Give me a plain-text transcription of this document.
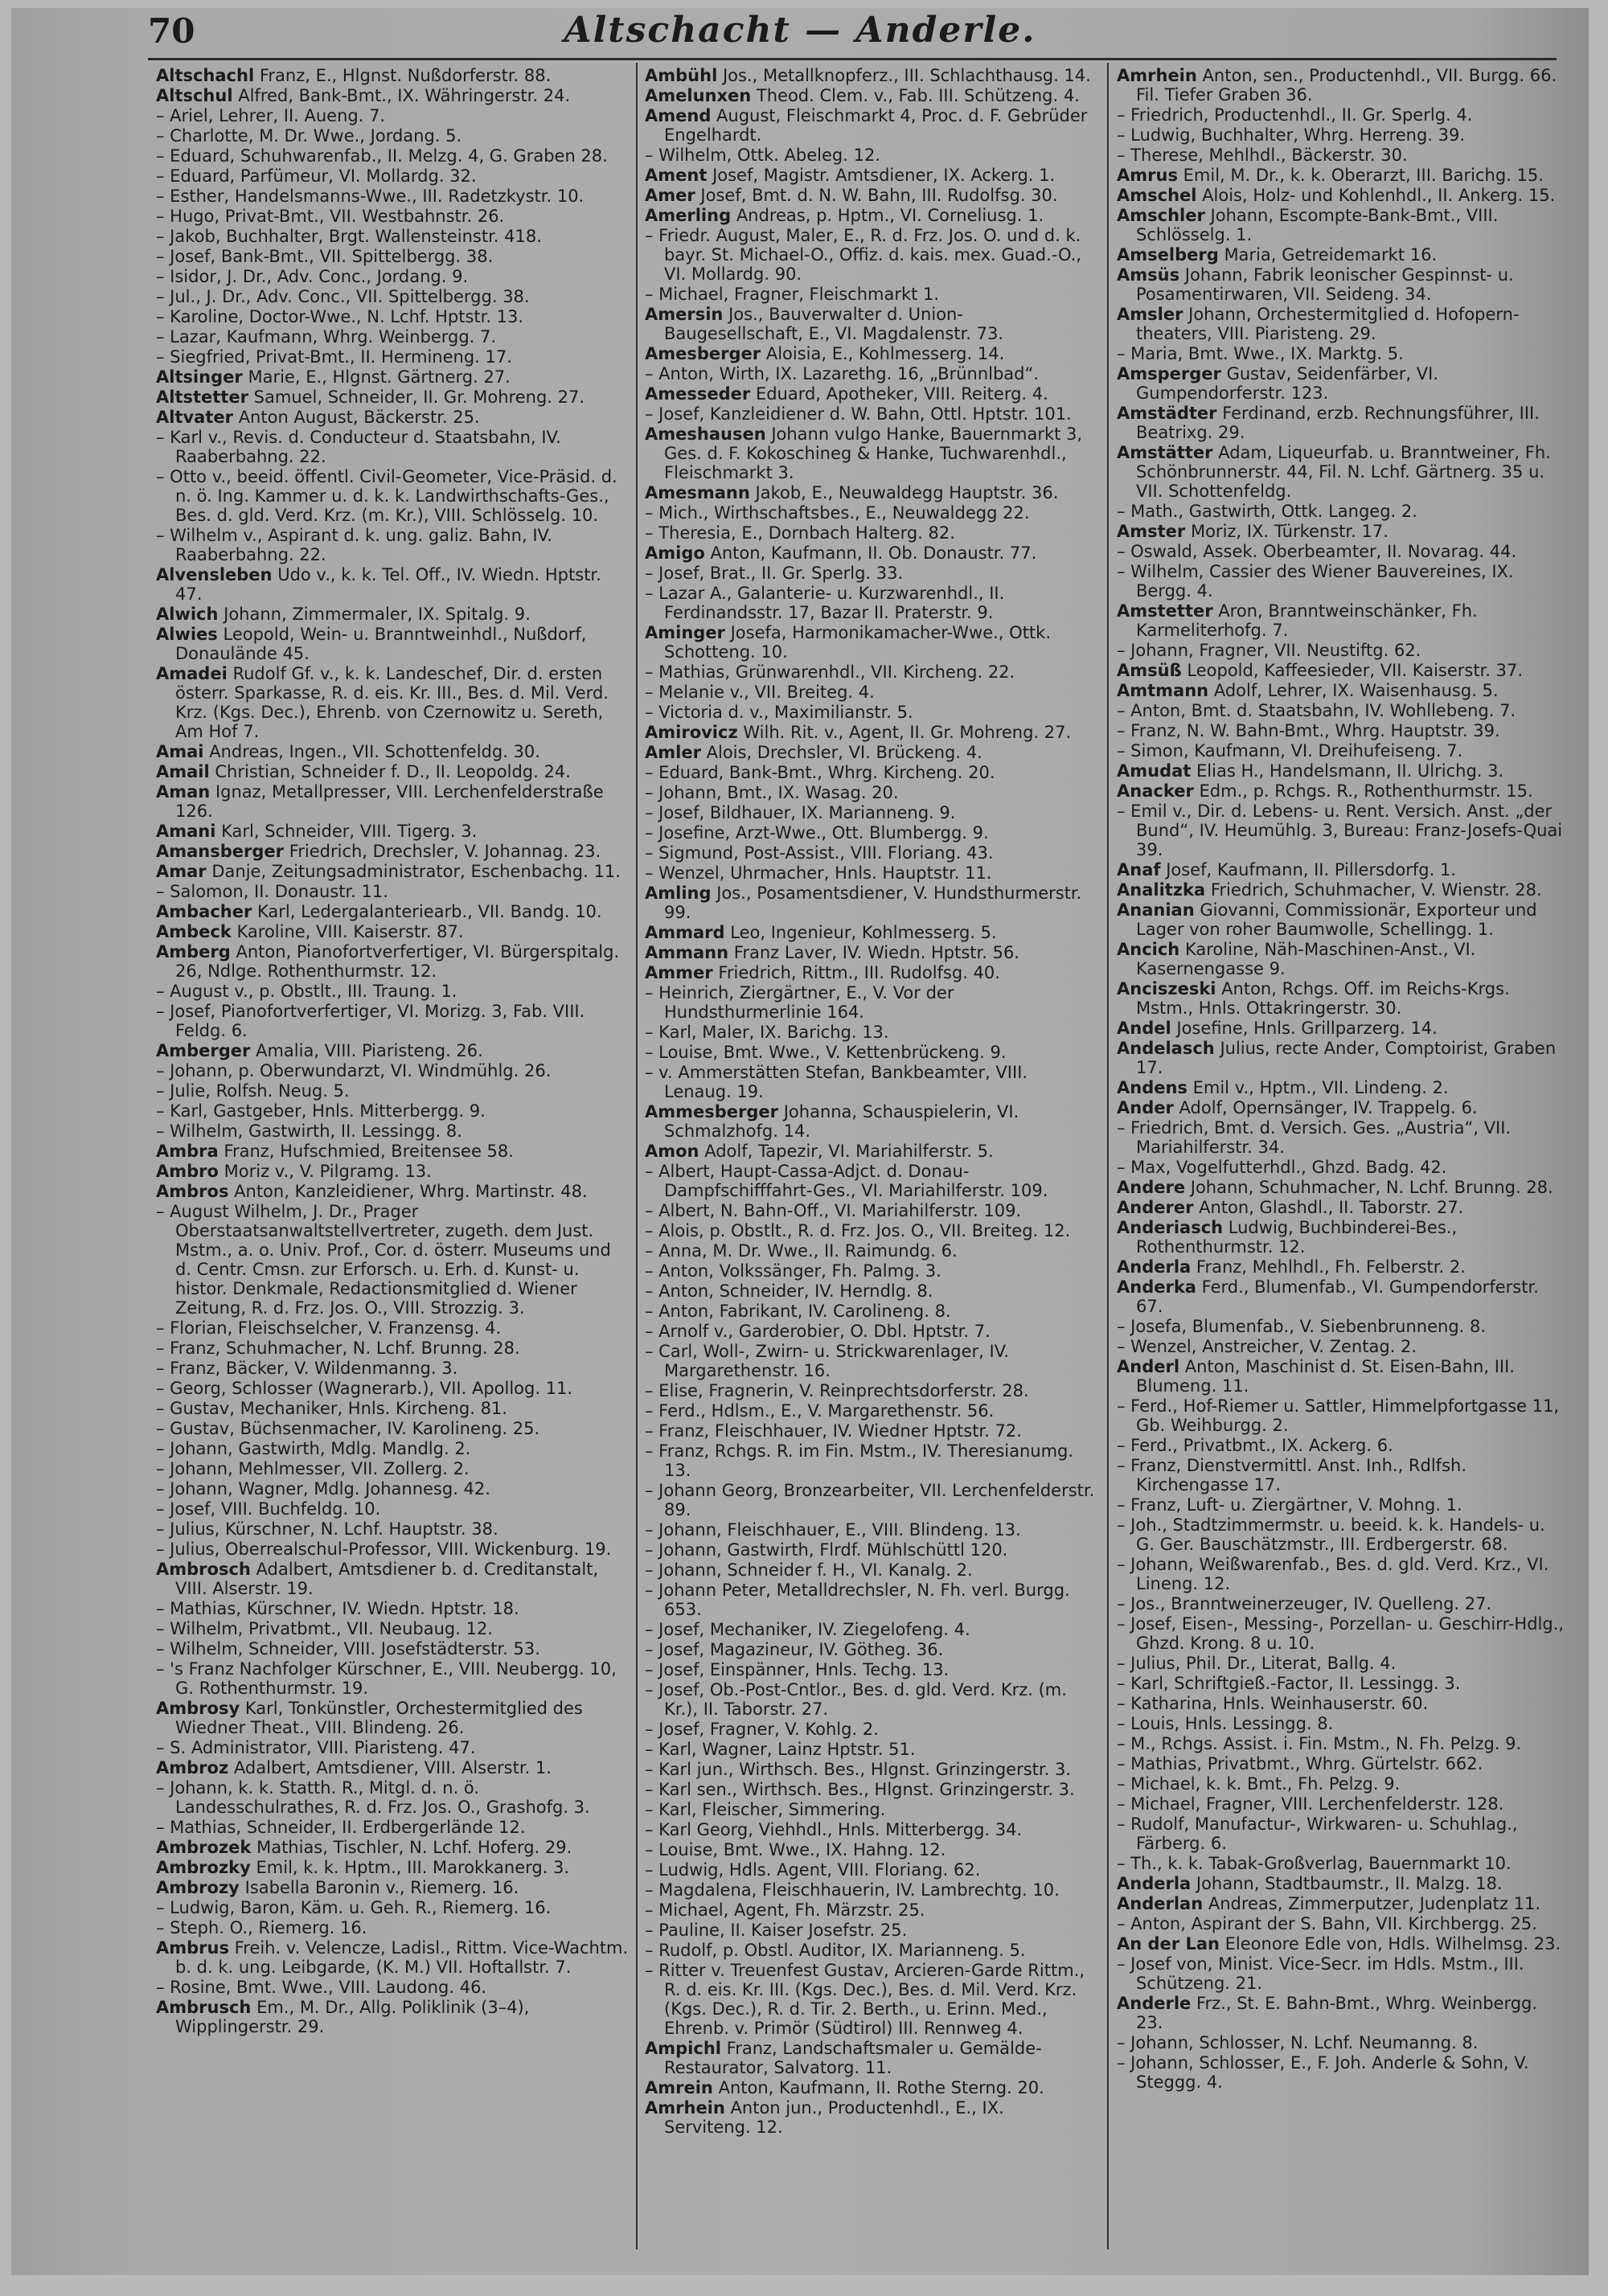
70	Altschacht — Anderle.
Altschachl Franz, E., Hlgnst. Nußdorferstr. 88.
Altschul Alfred, Bank-Bmt., IX. Währingerstr. 24.
– Ariel, Lehrer, II. Aueng. 7.
– Charlotte, M. Dr. Wwe., Jordang. 5.
– Eduard, Schuhwarenfab., II. Melzg. 4, G. Graben 28.
– Eduard, Parfümeur, VI. Mollardg. 32.
– Esther, Handelsmanns-Wwe., III. Radetzkystr. 10.
– Hugo, Privat-Bmt., VII. Westbahnstr. 26.
– Jakob, Buchhalter, Brgt. Wallensteinstr. 418.
– Josef, Bank-Bmt., VII. Spittelbergg. 38.
– Isidor, J. Dr., Adv. Conc., Jordang. 9.
– Jul., J. Dr., Adv. Conc., VII. Spittelbergg. 38.
– Karoline, Doctor-Wwe., N. Lchf. Hptstr. 13.
– Lazar, Kaufmann, Whrg. Weinbergg. 7.
– Siegfried, Privat-Bmt., II. Hermineng. 17.
Altsinger Marie, E., Hlgnst. Gärtnerg. 27.
Altstetter Samuel, Schneider, II. Gr. Mohreng. 27.
Altvater Anton August, Bäckerstr. 25.
– Karl v., Revis. d. Conducteur d. Staatsbahn, IV. Raaberbahng. 22.
– Otto v., beeid. öffentl. Civil-Geometer, Vice-Präsid. d. n. ö. Ing. Kammer u. d. k. k. Landwirthschafts-Ges., Bes. d. gld. Verd. Krz. (m. Kr.), VIII. Schlösselg. 10.
– Wilhelm v., Aspirant d. k. ung. galiz. Bahn, IV. Raaberbahng. 22.
Alvensleben Udo v., k. k. Tel. Off., IV. Wiedn. Hptstr. 47.
Alwich Johann, Zimmermaler, IX. Spitalg. 9.
Alwies Leopold, Wein- u. Branntweinhdl., Nußdorf, Donaulände 45.
Amadei Rudolf Gf. v., k. k. Landeschef, Dir. d. ersten österr. Sparkasse, R. d. eis. Kr. III., Bes. d. Mil. Verd. Krz. (Kgs. Dec.), Ehrenb. von Czernowitz u. Sereth, Am Hof 7.
Amai Andreas, Ingen., VII. Schottenfeldg. 30.
Amail Christian, Schneider f. D., II. Leopoldg. 24.
Aman Ignaz, Metallpresser, VIII. Lerchenfelderstraße 126.
Amani Karl, Schneider, VIII. Tigerg. 3.
Amansberger Friedrich, Drechsler, V. Johannag. 23.
Amar Danje, Zeitungsadministrator, Eschenbachg. 11.
– Salomon, II. Donaustr. 11.
Ambacher Karl, Ledergalanteriearb., VII. Bandg. 10.
Ambeck Karoline, VIII. Kaiserstr. 87.
Amberg Anton, Pianofortverfertiger, VI. Bürgerspitalg. 26, Ndlge. Rothenthurmstr. 12.
– August v., p. Obstlt., III. Traung. 1.
– Josef, Pianofortverfertiger, VI. Morizg. 3, Fab. VIII. Feldg. 6.
Amberger Amalia, VIII. Piaristeng. 26.
– Johann, p. Oberwundarzt, VI. Windmühlg. 26.
– Julie, Rolfsh. Neug. 5.
– Karl, Gastgeber, Hnls. Mitterbergg. 9.
– Wilhelm, Gastwirth, II. Lessingg. 8.
Ambra Franz, Hufschmied, Breitensee 58.
Ambro Moriz v., V. Pilgramg. 13.
Ambros Anton, Kanzleidiener, Whrg. Martinstr. 48.
– August Wilhelm, J. Dr., Prager Oberstaatsanwaltstellvertreter, zugeth. dem Just. Mstm., a. o. Univ. Prof., Cor. d. österr. Museums und d. Centr. Cmsn. zur Erforsch. u. Erh. d. Kunst- u. histor. Denkmale, Redactionsmitglied d. Wiener Zeitung, R. d. Frz. Jos. O., VIII. Strozzig. 3.
– Florian, Fleischselcher, V. Franzensg. 4.
– Franz, Schuhmacher, N. Lchf. Brunng. 28.
– Franz, Bäcker, V. Wildenmanng. 3.
– Georg, Schlosser (Wagnerarb.), VII. Apollog. 11.
– Gustav, Mechaniker, Hnls. Kircheng. 81.
– Gustav, Büchsenmacher, IV. Karolineng. 25.
– Johann, Gastwirth, Mdlg. Mandlg. 2.
– Johann, Mehlmesser, VII. Zollerg. 2.
– Johann, Wagner, Mdlg. Johannesg. 42.
– Josef, VIII. Buchfeldg. 10.
– Julius, Kürschner, N. Lchf. Hauptstr. 38.
– Julius, Oberrealschul-Professor, VIII. Wickenburg. 19.
Ambrosch Adalbert, Amtsdiener b. d. Creditanstalt, VIII. Alserstr. 19.
– Mathias, Kürschner, IV. Wiedn. Hptstr. 18.
– Wilhelm, Privatbmt., VII. Neubaug. 12.
– Wilhelm, Schneider, VIII. Josefstädterstr. 53.
– 's Franz Nachfolger Kürschner, E., VIII. Neubergg. 10, G. Rothenthurmstr. 19.
Ambrosy Karl, Tonkünstler, Orchestermitglied des Wiedner Theat., VIII. Blindeng. 26.
– S. Administrator, VIII. Piaristeng. 47.
Ambroz Adalbert, Amtsdiener, VIII. Alserstr. 1.
– Johann, k. k. Statth. R., Mitgl. d. n. ö. Landesschulrathes, R. d. Frz. Jos. O., Grashofg. 3.
– Mathias, Schneider, II. Erdbergerlände 12.
Ambrozek Mathias, Tischler, N. Lchf. Hoferg. 29.
Ambrozky Emil, k. k. Hptm., III. Marokkanerg. 3.
Ambrozy Isabella Baronin v., Riemerg. 16.
– Ludwig, Baron, Käm. u. Geh. R., Riemerg. 16.
– Steph. O., Riemerg. 16.
Ambrus Freih. v. Velencze, Ladisl., Rittm. Vice-Wachtm. b. d. k. ung. Leibgarde, (K. M.) VII. Hoftallstr. 7.
– Rosine, Bmt. Wwe., VIII. Laudong. 46.
Ambrusch Em., M. Dr., Allg. Poliklinik (3–4), Wipplingerstr. 29.
Ambühl Jos., Metallknopferz., III. Schlachthausg. 14.
Amelunxen Theod. Clem. v., Fab. III. Schützeng. 4.
Amend August, Fleischmarkt 4, Proc. d. F. Gebrüder Engelhardt.
– Wilhelm, Ottk. Abeleg. 12.
Ament Josef, Magistr. Amtsdiener, IX. Ackerg. 1.
Amer Josef, Bmt. d. N. W. Bahn, III. Rudolfsg. 30.
Amerling Andreas, p. Hptm., VI. Corneliusg. 1.
– Friedr. August, Maler, E., R. d. Frz. Jos. O. und d. k. bayr. St. Michael-O., Offiz. d. kais. mex. Guad.-O., VI. Mollardg. 90.
– Michael, Fragner, Fleischmarkt 1.
Amersin Jos., Bauverwalter d. Union-Baugesellschaft, E., VI. Magdalenstr. 73.
Amesberger Aloisia, E., Kohlmesserg. 14.
– Anton, Wirth, IX. Lazarethg. 16, „Brünnlbad“.
Amesseder Eduard, Apotheker, VIII. Reiterg. 4.
– Josef, Kanzleidiener d. W. Bahn, Ottl. Hptstr. 101.
Ameshausen Johann vulgo Hanke, Bauernmarkt 3, Ges. d. F. Kokoschineg & Hanke, Tuchwarenhdl., Fleischmarkt 3.
Amesmann Jakob, E., Neuwaldegg Hauptstr. 36.
– Mich., Wirthschaftsbes., E., Neuwaldegg 22.
– Theresia, E., Dornbach Halterg. 82.
Amigo Anton, Kaufmann, II. Ob. Donaustr. 77.
– Josef, Brat., II. Gr. Sperlg. 33.
– Lazar A., Galanterie- u. Kurzwarenhdl., II. Ferdinandsstr. 17, Bazar II. Praterstr. 9.
Aminger Josefa, Harmonikamacher-Wwe., Ottk. Schotteng. 10.
– Mathias, Grünwarenhdl., VII. Kircheng. 22.
– Melanie v., VII. Breiteg. 4.
– Victoria d. v., Maximilianstr. 5.
Amirovicz Wilh. Rit. v., Agent, II. Gr. Mohreng. 27.
Amler Alois, Drechsler, VI. Brückeng. 4.
– Eduard, Bank-Bmt., Whrg. Kircheng. 20.
– Johann, Bmt., IX. Wasag. 20.
– Josef, Bildhauer, IX. Marianneng. 9.
– Josefine, Arzt-Wwe., Ott. Blumbergg. 9.
– Sigmund, Post-Assist., VIII. Floriang. 43.
– Wenzel, Uhrmacher, Hnls. Hauptstr. 11.
Amling Jos., Posamentsdiener, V. Hundsthurmerstr. 99.
Ammard Leo, Ingenieur, Kohlmesserg. 5.
Ammann Franz Laver, IV. Wiedn. Hptstr. 56.
Ammer Friedrich, Rittm., III. Rudolfsg. 40.
– Heinrich, Ziergärtner, E., V. Vor der Hundsthurmerlinie 164.
– Karl, Maler, IX. Barichg. 13.
– Louise, Bmt. Wwe., V. Kettenbrückeng. 9.
– v. Ammerstätten Stefan, Bankbeamter, VIII. Lenaug. 19.
Ammesberger Johanna, Schauspielerin, VI. Schmalzhofg. 14.
Amon Adolf, Tapezir, VI. Mariahilferstr. 5.
– Albert, Haupt-Cassa-Adjct. d. Donau-Dampfschifffahrt-Ges., VI. Mariahilferstr. 109.
– Albert, N. Bahn-Off., VI. Mariahilferstr. 109.
– Alois, p. Obstlt., R. d. Frz. Jos. O., VII. Breiteg. 12.
– Anna, M. Dr. Wwe., II. Raimundg. 6.
– Anton, Volkssänger, Fh. Palmg. 3.
– Anton, Schneider, IV. Herndlg. 8.
– Anton, Fabrikant, IV. Carolineng. 8.
– Arnolf v., Garderobier, O. Dbl. Hptstr. 7.
– Carl, Woll-, Zwirn- u. Strickwarenlager, IV. Margarethenstr. 16.
– Elise, Fragnerin, V. Reinprechtsdorferstr. 28.
– Ferd., Hdlsm., E., V. Margarethenstr. 56.
– Franz, Fleischhauer, IV. Wiedner Hptstr. 72.
– Franz, Rchgs. R. im Fin. Mstm., IV. Theresianumg. 13.
– Johann Georg, Bronzearbeiter, VII. Lerchenfelderstr. 89.
– Johann, Fleischhauer, E., VIII. Blindeng. 13.
– Johann, Gastwirth, Flrdf. Mühlschüttl 120.
– Johann, Schneider f. H., VI. Kanalg. 2.
– Johann Peter, Metalldrechsler, N. Fh. verl. Burgg. 653.
– Josef, Mechaniker, IV. Ziegelofeng. 4.
– Josef, Magazineur, IV. Götheg. 36.
– Josef, Einspänner, Hnls. Techg. 13.
– Josef, Ob.-Post-Cntlor., Bes. d. gld. Verd. Krz. (m. Kr.), II. Taborstr. 27.
– Josef, Fragner, V. Kohlg. 2.
– Karl, Wagner, Lainz Hptstr. 51.
– Karl jun., Wirthsch. Bes., Hlgnst. Grinzingerstr. 3.
– Karl sen., Wirthsch. Bes., Hlgnst. Grinzingerstr. 3.
– Karl, Fleischer, Simmering.
– Karl Georg, Viehhdl., Hnls. Mitterbergg. 34.
– Louise, Bmt. Wwe., IX. Hahng. 12.
– Ludwig, Hdls. Agent, VIII. Floriang. 62.
– Magdalena, Fleischhauerin, IV. Lambrechtg. 10.
– Michael, Agent, Fh. Märzstr. 25.
– Pauline, II. Kaiser Josefstr. 25.
– Rudolf, p. Obstl. Auditor, IX. Marianneng. 5.
– Ritter v. Treuenfest Gustav, Arcieren-Garde Rittm., R. d. eis. Kr. III. (Kgs. Dec.), Bes. d. Mil. Verd. Krz. (Kgs. Dec.), R. d. Tir. 2. Berth., u. Erinn. Med., Ehrenb. v. Primör (Südtirol) III. Rennweg 4.
Ampichl Franz, Landschaftsmaler u. Gemälde-Restaurator, Salvatorg. 11.
Amrein Anton, Kaufmann, II. Rothe Sterng. 20.
Amrhein Anton jun., Productenhdl., E., IX. Serviteng. 12.
Amrhein Anton, sen., Productenhdl., VII. Burgg. 66. Fil. Tiefer Graben 36.
– Friedrich, Productenhdl., II. Gr. Sperlg. 4.
– Ludwig, Buchhalter, Whrg. Herreng. 39.
– Therese, Mehlhdl., Bäckerstr. 30.
Amrus Emil, M. Dr., k. k. Oberarzt, III. Barichg. 15.
Amschel Alois, Holz- und Kohlenhdl., II. Ankerg. 15.
Amschler Johann, Escompte-Bank-Bmt., VIII. Schlösselg. 1.
Amselberg Maria, Getreidemarkt 16.
Amsüs Johann, Fabrik leonischer Gespinnst- u. Posamentirwaren, VII. Seideng. 34.
Amsler Johann, Orchestermitglied d. Hofopern-theaters, VIII. Piaristeng. 29.
– Maria, Bmt. Wwe., IX. Marktg. 5.
Amsperger Gustav, Seidenfärber, VI. Gumpendorferstr. 123.
Amstädter Ferdinand, erzb. Rechnungsführer, III. Beatrixg. 29.
Amstätter Adam, Liqueurfab. u. Branntweiner, Fh. Schönbrunnerstr. 44, Fil. N. Lchf. Gärtnerg. 35 u. VII. Schottenfeldg.
– Math., Gastwirth, Ottk. Langeg. 2.
Amster Moriz, IX. Türkenstr. 17.
– Oswald, Assek. Oberbeamter, II. Novarag. 44.
– Wilhelm, Cassier des Wiener Bauvereines, IX. Bergg. 4.
Amstetter Aron, Branntweinschänker, Fh. Karmeliterhofg. 7.
– Johann, Fragner, VII. Neustiftg. 62.
Amsüß Leopold, Kaffeesieder, VII. Kaiserstr. 37.
Amtmann Adolf, Lehrer, IX. Waisenhausg. 5.
– Anton, Bmt. d. Staatsbahn, IV. Wohllebeng. 7.
– Franz, N. W. Bahn-Bmt., Whrg. Hauptstr. 39.
– Simon, Kaufmann, VI. Dreihufeiseng. 7.
Amudat Elias H., Handelsmann, II. Ulrichg. 3.
Anacker Edm., p. Rchgs. R., Rothenthurmstr. 15.
– Emil v., Dir. d. Lebens- u. Rent. Versich. Anst. „der Bund“, IV. Heumühlg. 3, Bureau: Franz-Josefs-Quai 39.
Anaf Josef, Kaufmann, II. Pillersdorfg. 1.
Analitzka Friedrich, Schuhmacher, V. Wienstr. 28.
Ananian Giovanni, Commissionär, Exporteur und Lager von roher Baumwolle, Schellingg. 1.
Ancich Karoline, Näh-Maschinen-Anst., VI. Kasernengasse 9.
Anciszeski Anton, Rchgs. Off. im Reichs-Krgs. Mstm., Hnls. Ottakringerstr. 30.
Andel Josefine, Hnls. Grillparzerg. 14.
Andelasch Julius, recte Ander, Comptoirist, Graben 17.
Andens Emil v., Hptm., VII. Lindeng. 2.
Ander Adolf, Opernsänger, IV. Trappelg. 6.
– Friedrich, Bmt. d. Versich. Ges. „Austria“, VII. Mariahilferstr. 34.
– Max, Vogelfutterhdl., Ghzd. Badg. 42.
Andere Johann, Schuhmacher, N. Lchf. Brunng. 28.
Anderer Anton, Glashdl., II. Taborstr. 27.
Anderiasch Ludwig, Buchbinderei-Bes., Rothenthurmstr. 12.
Anderla Franz, Mehlhdl., Fh. Felberstr. 2.
Anderka Ferd., Blumenfab., VI. Gumpendorferstr. 67.
– Josefa, Blumenfab., V. Siebenbrunneng. 8.
– Wenzel, Anstreicher, V. Zentag. 2.
Anderl Anton, Maschinist d. St. Eisen-Bahn, III. Blumeng. 11.
– Ferd., Hof-Riemer u. Sattler, Himmelpfortgasse 11, Gb. Weihburgg. 2.
– Ferd., Privatbmt., IX. Ackerg. 6.
– Franz, Dienstvermittl. Anst. Inh., Rdlfsh. Kirchengasse 17.
– Franz, Luft- u. Ziergärtner, V. Mohng. 1.
– Joh., Stadtzimmermstr. u. beeid. k. k. Handels- u. G. Ger. Bauschätzmstr., III. Erdbergerstr. 68.
– Johann, Weißwarenfab., Bes. d. gld. Verd. Krz., VI. Lineng. 12.
– Jos., Branntweinerzeuger, IV. Quelleng. 27.
– Josef, Eisen-, Messing-, Porzellan- u. Geschirr-Hdlg., Ghzd. Krong. 8 u. 10.
– Julius, Phil. Dr., Literat, Ballg. 4.
– Karl, Schriftgieß.-Factor, II. Lessingg. 3.
– Katharina, Hnls. Weinhauserstr. 60.
– Louis, Hnls. Lessingg. 8.
– M., Rchgs. Assist. i. Fin. Mstm., N. Fh. Pelzg. 9.
– Mathias, Privatbmt., Whrg. Gürtelstr. 662.
– Michael, k. k. Bmt., Fh. Pelzg. 9.
– Michael, Fragner, VIII. Lerchenfelderstr. 128.
– Rudolf, Manufactur-, Wirkwaren- u. Schuhlag., Färberg. 6.
– Th., k. k. Tabak-Großverlag, Bauernmarkt 10.
Anderla Johann, Stadtbaumstr., II. Malzg. 18.
Anderlan Andreas, Zimmerputzer, Judenplatz 11.
– Anton, Aspirant der S. Bahn, VII. Kirchbergg. 25.
An der Lan Eleonore Edle von, Hdls. Wilhelmsg. 23.
– Josef von, Minist. Vice-Secr. im Hdls. Mstm., III. Schützeng. 21.
Anderle Frz., St. E. Bahn-Bmt., Whrg. Weinbergg. 23.
– Johann, Schlosser, N. Lchf. Neumanng. 8.
– Johann, Schlosser, E., F. Joh. Anderle & Sohn, V. Steggg. 4.
